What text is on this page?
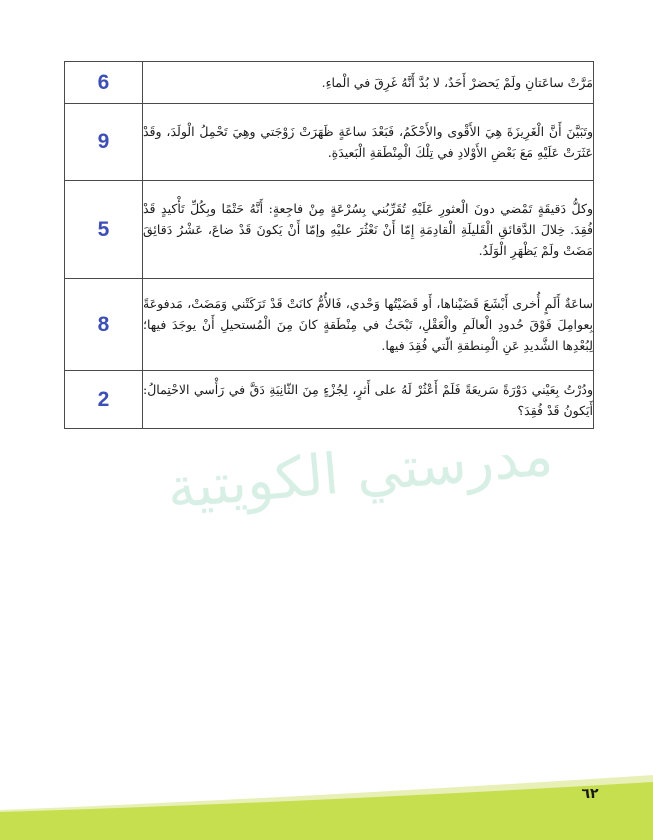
6	مَرَّتْ ساعَتانِ ولَمْ يَحضرْ أَحَدٌ، لا بُدَّ أَنَّهُ غَرِقَ في الْماءِ.
9	وتَبَيَّنَ أَنَّ الْغَرِيزَةَ هِيَ الأَقْوى والأَحْكَمُ، فَبَعْدَ ساعَةٍ ظَهَرَتْ زَوْجَتي وهِيَ تَحْمِلُ الْولَدَ، وقَدْ عَثَرَتْ عَلَيْهِ مَعَ بَعْضِ الأَوْلادِ في تِلْكَ الْمِنْطَقةِ الْبَعيدَةِ.
5	وكلُّ دَقيقَةٍ تَمْضي دونَ الْعثورِ عَلَيْهِ تُقَرِّبُني بِسُرْعَةٍ مِنْ فاجِعةٍ: أَنَّهُ حَتْمًا وبِكُلِّ تَأْكيدٍ قَدْ فُقِدَ. خِلالَ الدَّقائقِ الْقَليلَةِ الْقادِمَةِ إِمّا أَنْ نَعْثُرَ عليْهِ وإمّا أَنْ يَكونَ قَدْ ضاعَ، عَشْرُ دَقائِقَ مَضَتْ ولَمْ يَظْهَرِ الْوَلَدُ.
8	ساعَةٌ أَلَمٍ أُخرى أَبْشَعَ قَضَيْناها، أَو قَضَيْتُها وَحْدي، فَالأُمُّ كانَتْ قَدْ تَرَكَتْني وَمَضَتْ، مَدفوعَةً بِعوامِلَ فَوْقَ حُدودِ الْعالَمِ والْعَقْلِ، تَبْحَثُ في مِنْطَقةٍ كانَ مِنَ الْمُستحيلِ أَنْ يوجَدَ فيها؛ لِبُعْدِها الشَّديدِ عَنِ الْمِنطقةِ الّتي فُقِدَ فيها.
2	ودُرْتُ بِعَيْني دَوْرَةً سَريعَةً فَلَمْ أَعْثُرْ لَهُ على أَثرٍ، لِجُزْءٍ مِنَ الثّانِيَةِ دَقَّ في رَأْسي الاحْتِمالُ: أَيَكونُ قَدْ فُقِدَ؟
مدرستي الكويتية
٦٢
